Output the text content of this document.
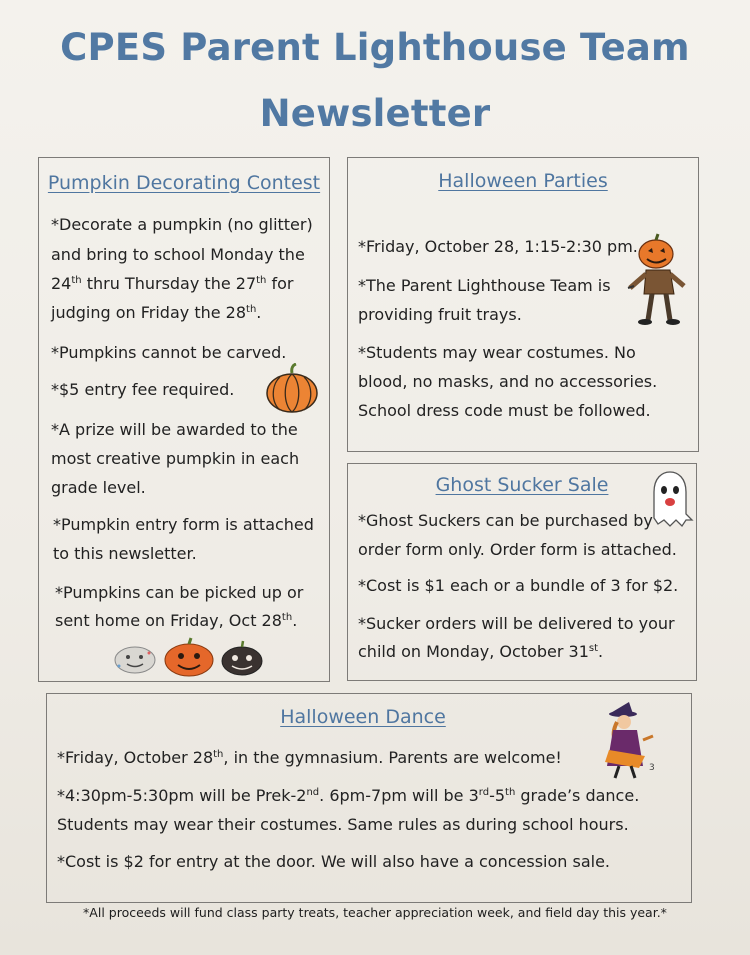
CPES Parent Lighthouse Team
Newsletter
Pumpkin Decorating Contest
*Decorate a pumpkin (no glitter)
and bring to school Monday the
24th thru Thursday the 27th for
judging on Friday the 28th.
*Pumpkins cannot be carved.
*$5 entry fee required.
*A prize will be awarded to the
most creative pumpkin in each
grade level.
*Pumpkin entry form is attached
to this newsletter.
*Pumpkins can be picked up or
sent home on Friday, Oct 28th.
Halloween Parties
*Friday, October 28, 1:15-2:30 pm.
*The Parent Lighthouse Team is
providing fruit trays.
*Students may wear costumes. No
blood, no masks, and no accessories.
School dress code must be followed.
Ghost Sucker Sale
*Ghost Suckers can be purchased by
order form only. Order form is attached.
*Cost is $1 each or a bundle of 3 for $2.
*Sucker orders will be delivered to your
child on Monday, October 31st.
Halloween Dance
*Friday, October 28th, in the gymnasium. Parents are welcome!
*4:30pm-5:30pm will be Prek-2nd. 6pm-7pm will be 3rd-5th grade’s dance.
Students may wear their costumes. Same rules as during school hours.
*Cost is $2 for entry at the door. We will also have a concession sale.
3
*All proceeds will fund class party treats, teacher appreciation week, and field day this year.*
